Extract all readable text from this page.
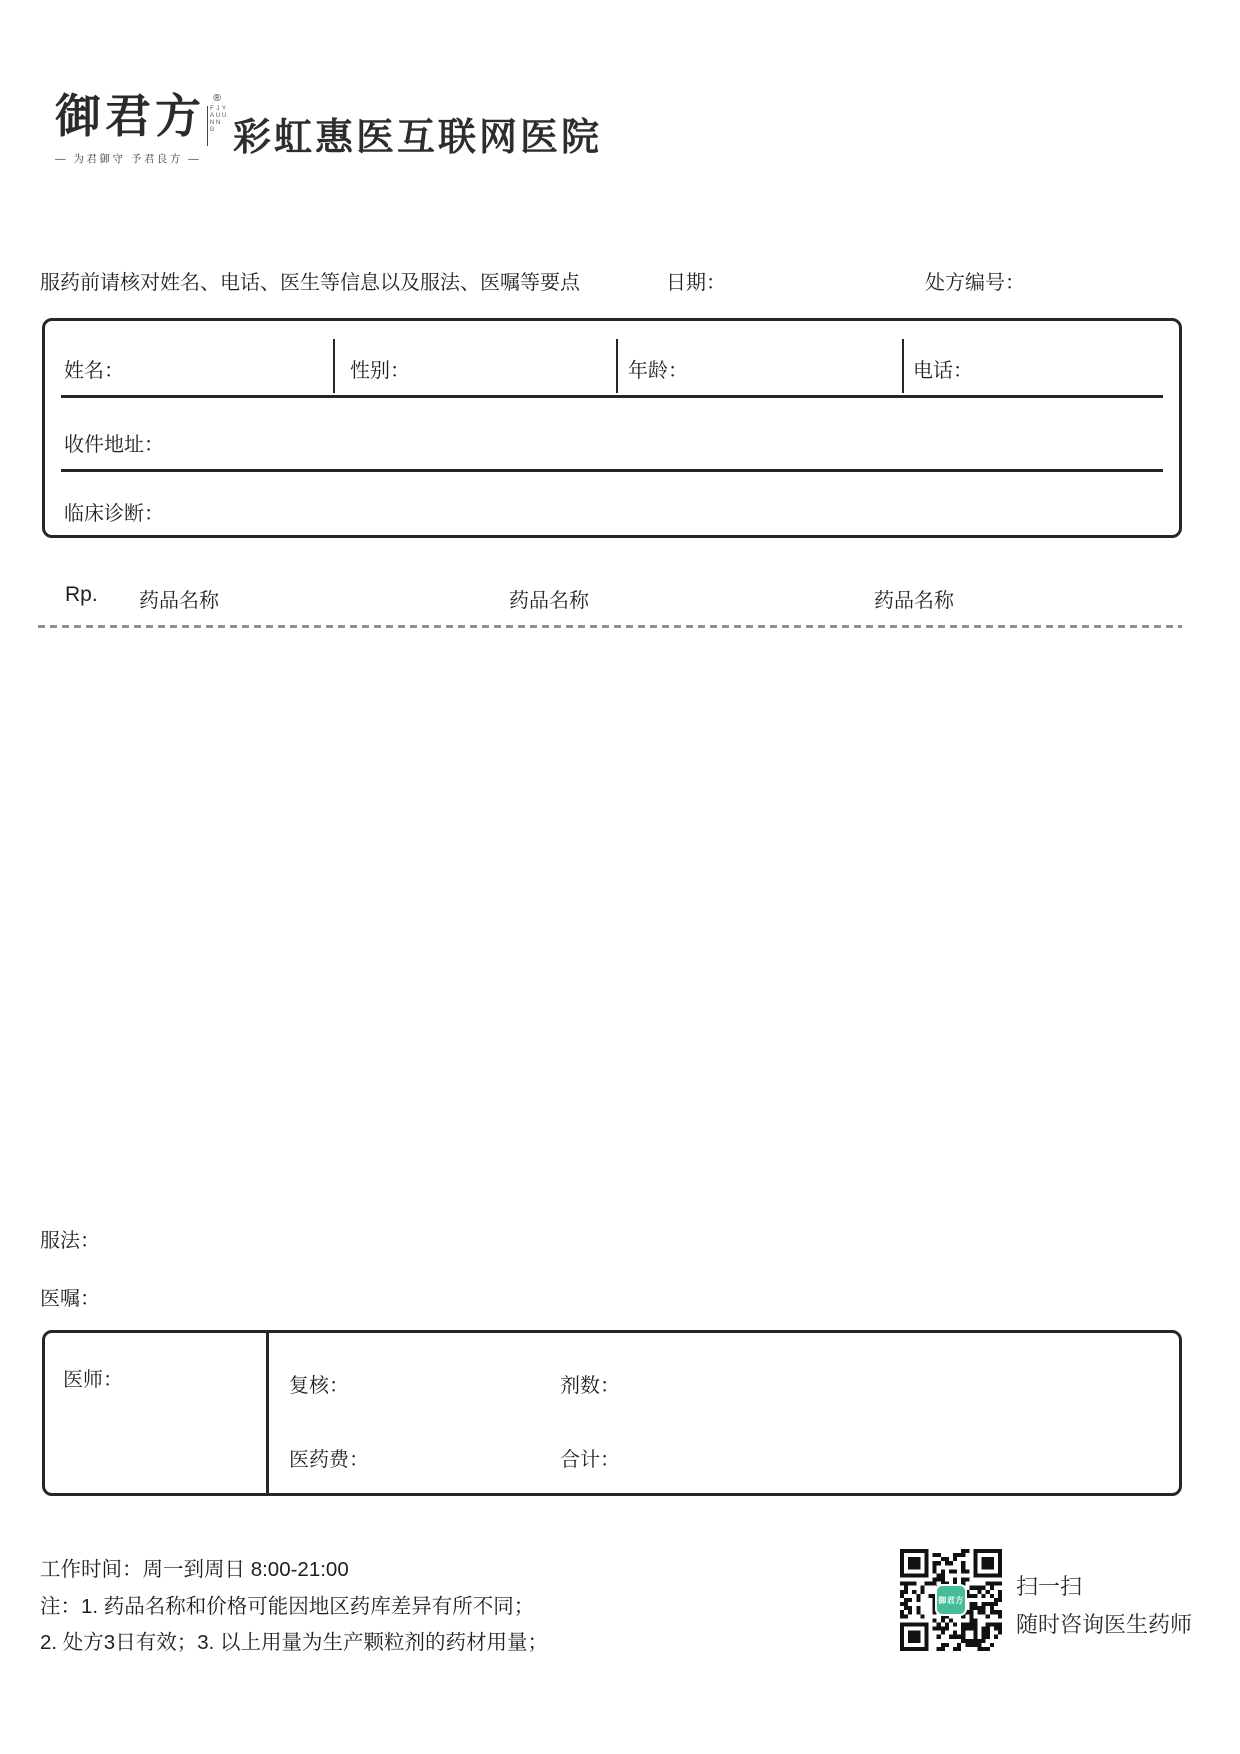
御君方 ®
YU JUN FANG
— 为君御守 予君良方 — 彩虹惠医互联网医院
服药前请核对姓名、电话、医生等信息以及服法、医嘱等要点	日期：	处方编号：
姓名：	性别：	年龄：	电话：
收件地址：
临床诊断：
Rp. 药品名称	药品名称	药品名称
服法：
医嘱：
医师：	复核：	剂数：
医药费：	合计：
工作时间：周一到周日 8:00-21:00
注：1. 药品名称和价格可能因地区药库差异有所不同；
2. 处方3日有效；3. 以上用量为生产颗粒剂的药材用量；
御君方
扫一扫
随时咨询医生药师
